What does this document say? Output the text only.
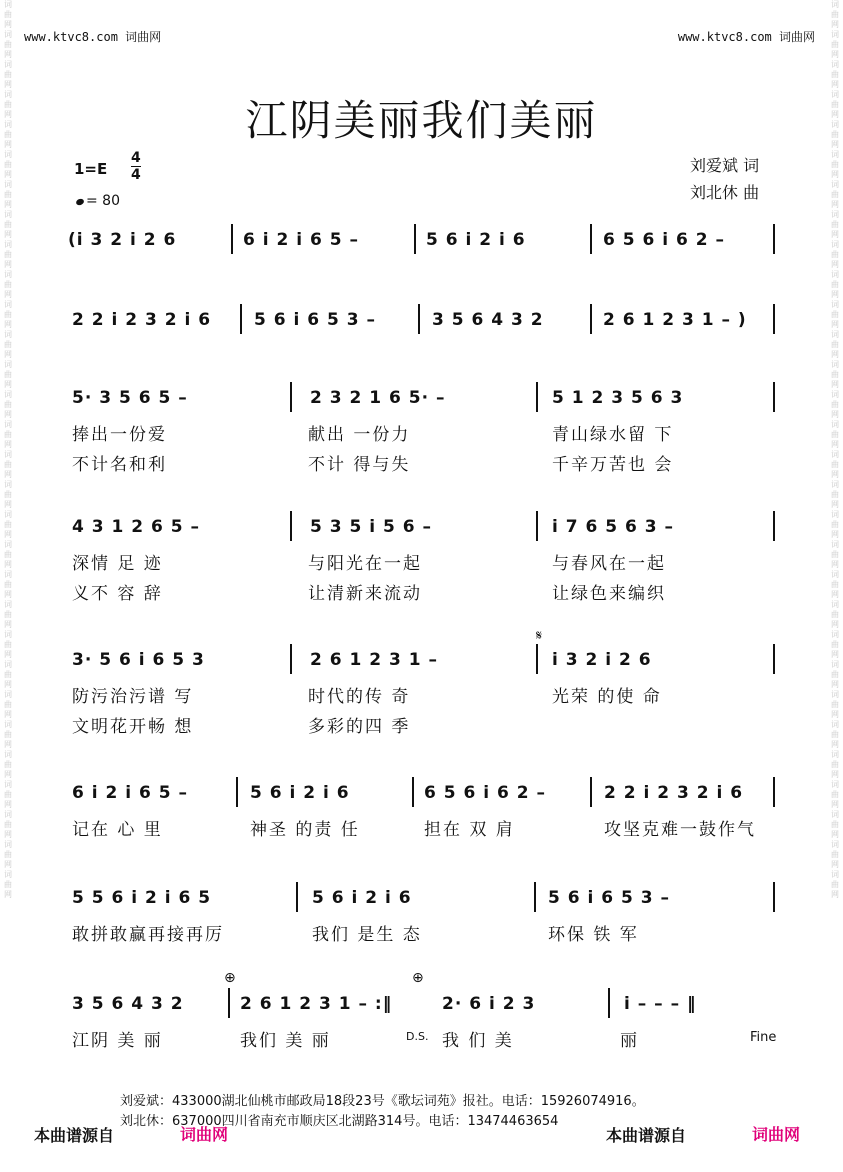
词曲网词曲网词曲网词曲网词曲网词曲网词曲网词曲网词曲网词曲网词曲网词曲网词曲网词曲网词曲网词曲网词曲网词曲网词曲网词曲网词曲网词曲网词曲网词曲网词曲网词曲网词曲网词曲网词曲网词曲网
词曲网词曲网词曲网词曲网词曲网词曲网词曲网词曲网词曲网词曲网词曲网词曲网词曲网词曲网词曲网词曲网词曲网词曲网词曲网词曲网词曲网词曲网词曲网词曲网词曲网词曲网词曲网词曲网词曲网词曲网
www.ktvc8.com 词曲网	www.ktvc8.com 词曲网
江阴美丽我们美丽
$1=E \frac{4}{4}$
= 80
刘爱斌 词
刘北休 曲
(i 3 2 i 2 6	6 i 2 i 6 5 –	5 6 i 2 i 6	6 5 6 i 6 2 –
2 2 i 2 3 2 i 6	5 6 i 6 5 3 –	3 5 6 4 3 2	2 6 1 2 3 1 – )
5· 3 5 6 5 –	2 3 2 1 6 5· –	5 1 2 3 5 6 3
捧出一份爱	献出 一份力	青山绿水留 下
不计名和利	不计 得与失	千辛万苦也 会
4 3 1 2 6 5 –	5 3 5 i 5 6 –	i 7 6 5 6 3 –
深情 足 迹	与阳光在一起	与春风在一起
义不 容 辞	让清新来流动	让绿色来编织
𝄋
3· 5 6 i 6 5 3	2 6 1 2 3 1 –	i 3 2 i 2 6
防污治污谱 写	时代的传 奇	光荣 的使 命
文明花开畅 想	多彩的四 季
6 i 2 i 6 5 –	5 6 i 2 i 6	6 5 6 i 6 2 –	2 2 i 2 3 2 i 6
记在 心 里	神圣 的责 任	担在 双 肩	攻坚克难一鼓作气
5 5 6 i 2 i 6 5	5 6 i 2 i 6	5 6 i 6 5 3 –
敢拼敢赢再接再厉	我们 是生 态	环保 铁 军
⊕	⊕
3 5 6 4 3 2	2 6 1 2 3 1 – :‖	2· 6 i 2 3	i – – – ‖
江阴 美 丽	我们 美 丽	我 们 美	丽
D.S.	Fine
刘爱斌：433000湖北仙桃市邮政局18段23号《歌坛词苑》报社。电话：15926074916。
刘北休：637000四川省南充市顺庆区北湖路314号。电话：13474463654
本曲谱源自	词曲网	本曲谱源自	词曲网
